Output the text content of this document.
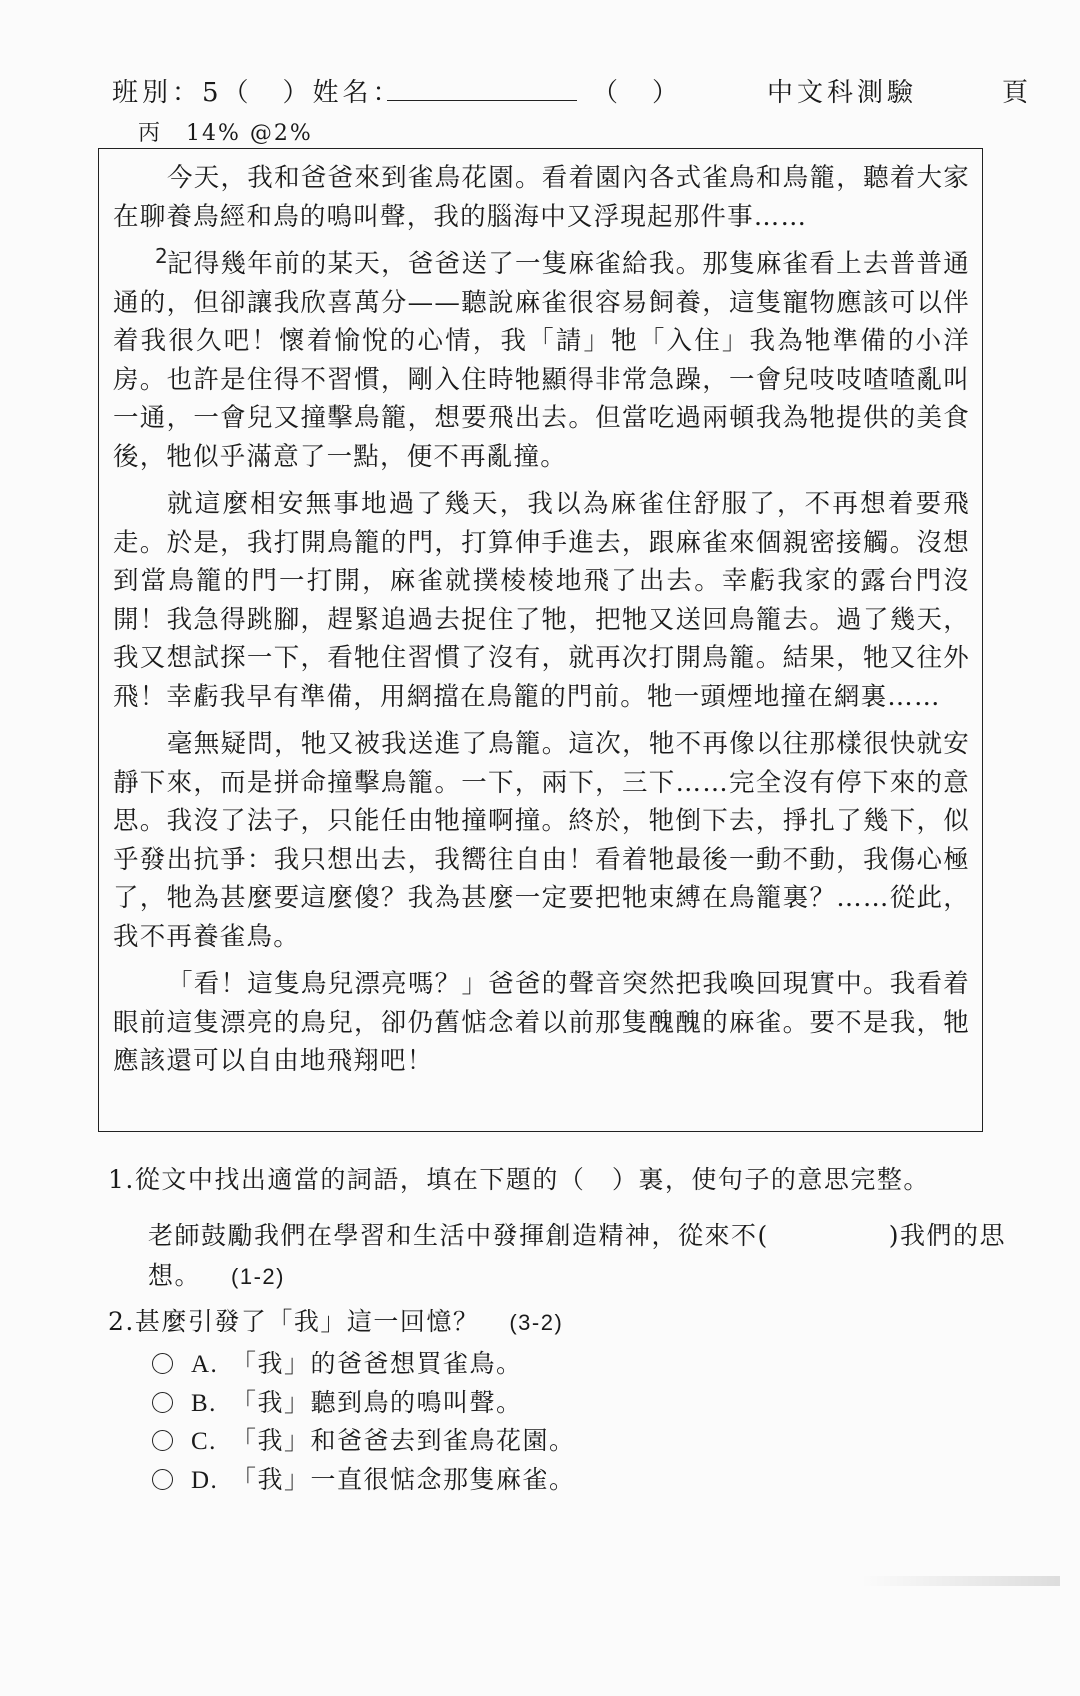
班別：5（　）姓名：	（　）	中文科測驗	頁
丙　14% @2%

今天，我和爸爸來到雀鳥花園。看着園內各式雀鳥和鳥籠，聽着大家在聊養鳥經和鳥的鳴叫聲，我的腦海中又浮現起那件事……

2
記得幾年前的某天，爸爸送了一隻麻雀給我。那隻麻雀看上去普普通通的，但卻讓我欣喜萬分——聽說麻雀很容易飼養，這隻寵物應該可以伴着我很久吧！懷着愉悅的心情，我「請」牠「入住」我為牠準備的小洋房。也許是住得不習慣，剛入住時牠顯得非常急躁，一會兒吱吱喳喳亂叫一通，一會兒又撞擊鳥籠，想要飛出去。但當吃過兩頓我為牠提供的美食後，牠似乎滿意了一點，便不再亂撞。

就這麼相安無事地過了幾天，我以為麻雀住舒服了，不再想着要飛走。於是，我打開鳥籠的門，打算伸手進去，跟麻雀來個親密接觸。沒想到當鳥籠的門一打開，麻雀就撲棱棱地飛了出去。幸虧我家的露台門沒開！我急得跳腳，趕緊追過去捉住了牠，把牠又送回鳥籠去。過了幾天，我又想試探一下，看牠住習慣了沒有，就再次打開鳥籠。結果，牠又往外飛！幸虧我早有準備，用網擋在鳥籠的門前。牠一頭煙地撞在網裏……

毫無疑問，牠又被我送進了鳥籠。這次，牠不再像以往那樣很快就安靜下來，而是拼命撞擊鳥籠。一下，兩下，三下……完全沒有停下來的意思。我沒了法子，只能任由牠撞啊撞。終於，牠倒下去，掙扎了幾下，似乎發出抗爭：我只想出去，我嚮往自由！看着牠最後一動不動，我傷心極了，牠為甚麼要這麼傻？我為甚麼一定要把牠束縛在鳥籠裏？……從此，我不再養雀鳥。

「看！這隻鳥兒漂亮嗎？」爸爸的聲音突然把我喚回現實中。我看着眼前這隻漂亮的鳥兒，卻仍舊惦念着以前那隻醜醜的麻雀。要不是我，牠應該還可以自由地飛翔吧！

1.從文中找出適當的詞語，填在下題的（　）裏，使句子的意思完整。
老師鼓勵我們在學習和生活中發揮創造精神，從來不(	)我們的思想。 (1-2)
2.甚麼引發了「我」這一回憶？ (3-2)
A. 「我」的爸爸想買雀鳥。
B. 「我」聽到鳥的鳴叫聲。
C. 「我」和爸爸去到雀鳥花園。
D. 「我」一直很惦念那隻麻雀。
